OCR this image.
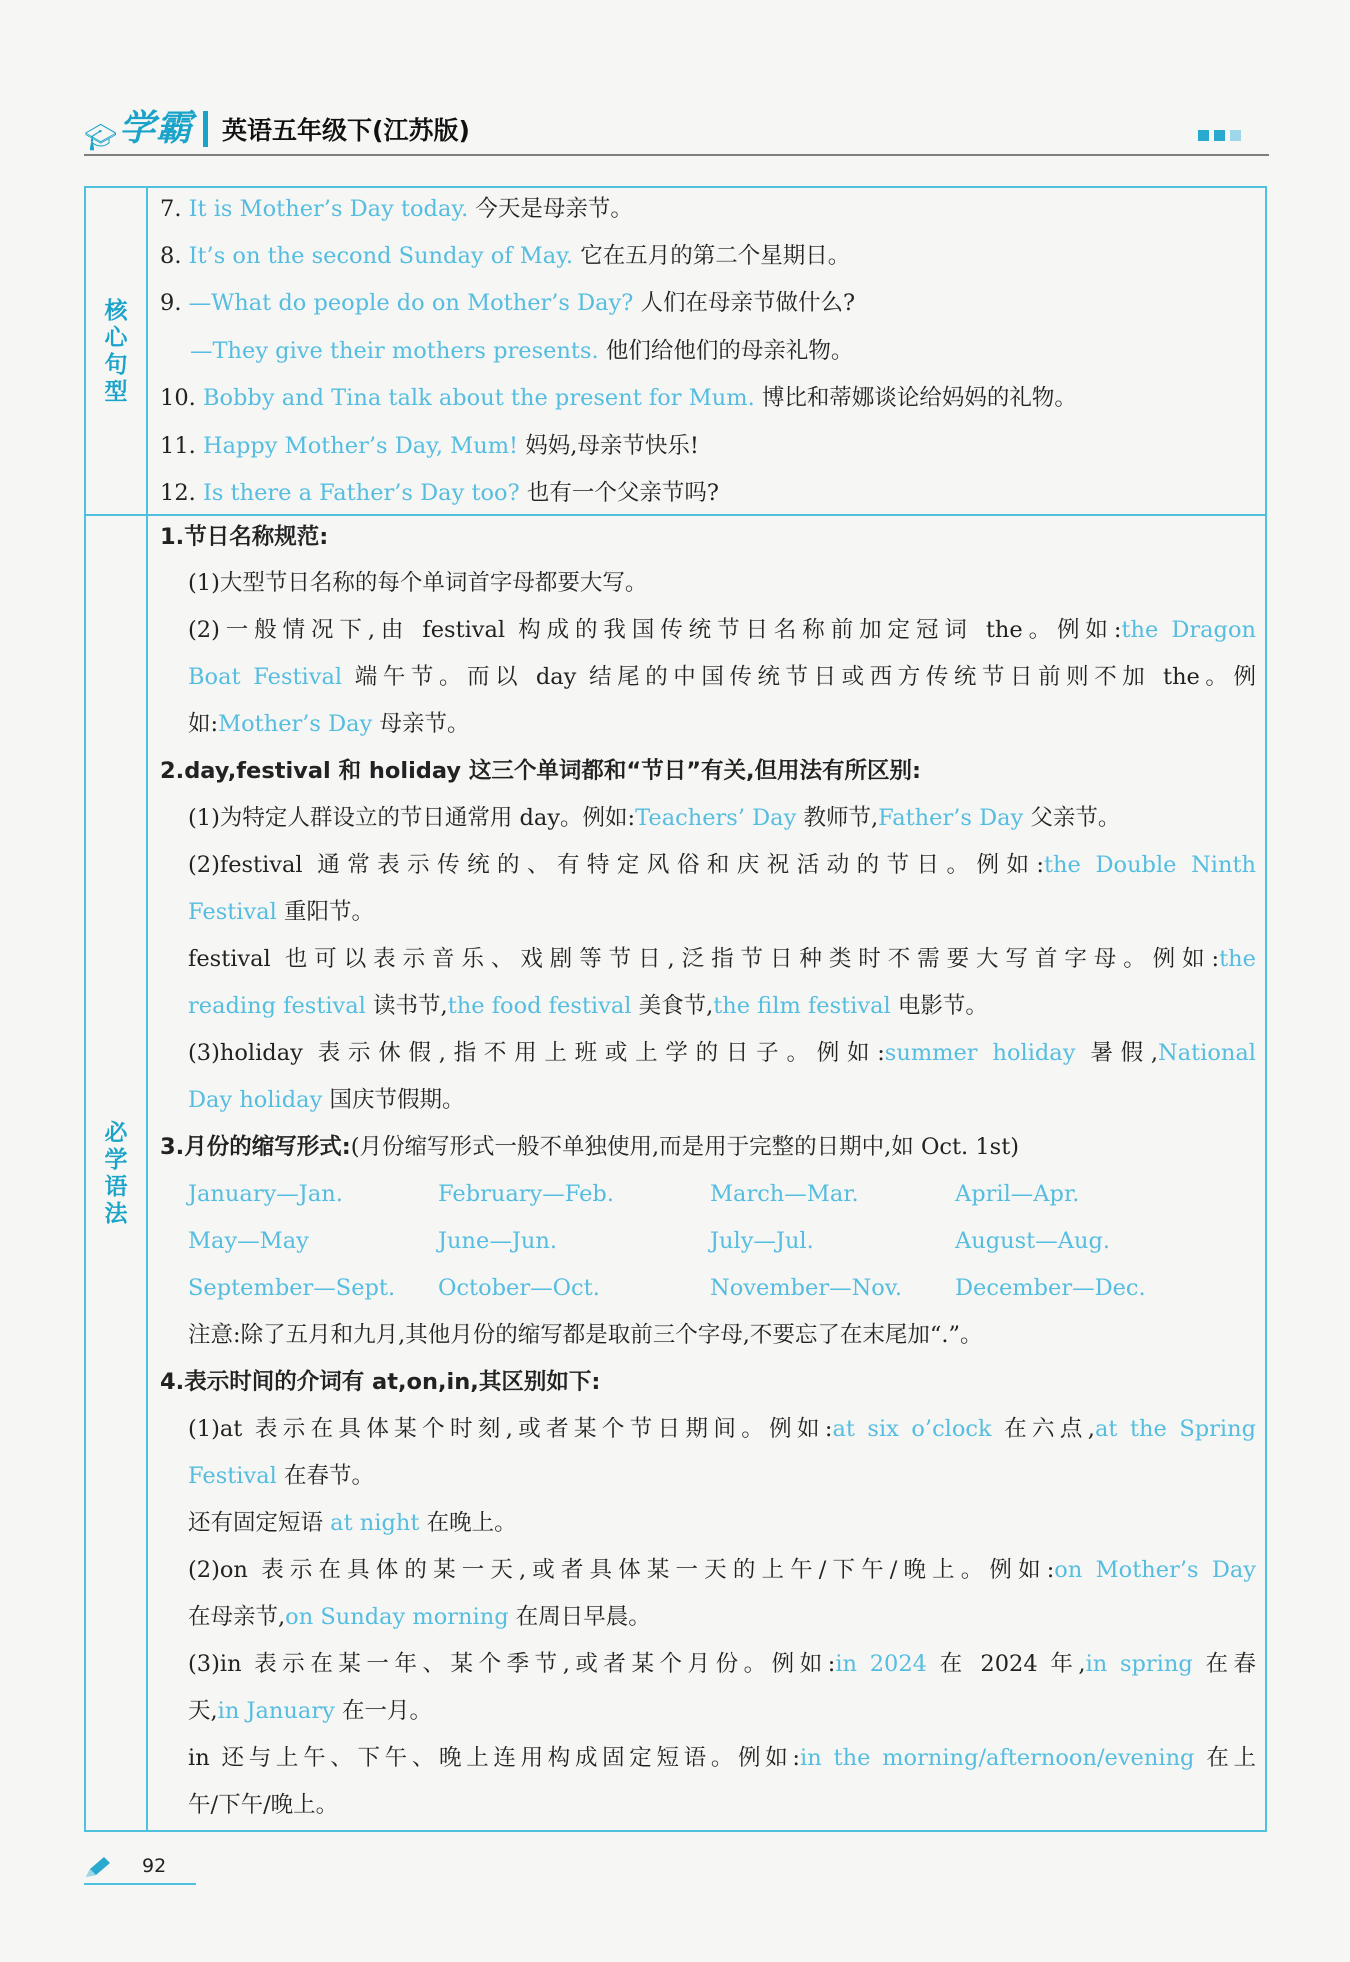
🎓︎ 学霸 英语五年级下(江苏版)
核
心
句
型
必
学
语
法
7. It is Mother’s Day today. 今天是母亲节。
8. It’s on the second Sunday of May. 它在五月的第二个星期日。
9. —What do people do on Mother’s Day? 人们在母亲节做什么?
—They give their mothers presents. 他们给他们的母亲礼物。
10. Bobby and Tina talk about the present for Mum. 博比和蒂娜谈论给妈妈的礼物。
11. Happy Mother’s Day, Mum! 妈妈,母亲节快乐!
12. Is there a Father’s Day too? 也有一个父亲节吗?
1.节日名称规范:
(1)大型节日名称的每个单词首字母都要大写。
(2)一般情况下,由 festival 构成的我国传统节日名称前加定冠词 the。例如:the Dragon
Boat Festival 端午节。而以 day 结尾的中国传统节日或西方传统节日前则不加 the。例
如:Mother’s Day 母亲节。
2.day,festival 和 holiday 这三个单词都和“节日”有关,但用法有所区别:
(1)为特定人群设立的节日通常用 day。例如:Teachers’ Day 教师节,Father’s Day 父亲节。
(2)festival 通常表示传统的、有特定风俗和庆祝活动的节日。例如:the Double Ninth
Festival 重阳节。
festival 也可以表示音乐、戏剧等节日,泛指节日种类时不需要大写首字母。例如:the
reading festival 读书节,the food festival 美食节,the film festival 电影节。
(3)holiday 表示休假,指不用上班或上学的日子。例如:summer holiday 暑假,National
Day holiday 国庆节假期。
3.月份的缩写形式:(月份缩写形式一般不单独使用,而是用于完整的日期中,如 Oct. 1st)
January—Jan.	February—Feb.	March—Mar.	April—Apr.
May—May	June—Jun.	July—Jul.	August—Aug.
September—Sept. October—Oct.	November—Nov. December—Dec.
注意:除了五月和九月,其他月份的缩写都是取前三个字母,不要忘了在末尾加“.”。
4.表示时间的介词有 at,on,in,其区别如下:
(1)at 表示在具体某个时刻,或者某个节日期间。例如:at six o’clock 在六点,at the Spring
Festival 在春节。
还有固定短语 at night 在晚上。
(2)on 表示在具体的某一天,或者具体某一天的上午/下午/晚上。例如:on Mother’s Day
在母亲节,on Sunday morning 在周日早晨。
(3)in 表示在某一年、某个季节,或者某个月份。例如:in 2024 在 2024 年,in spring 在春
天,in January 在一月。
in 还与上午、下午、晚上连用构成固定短语。例如:in the morning/afternoon/evening 在上
午/下午/晚上。
92
